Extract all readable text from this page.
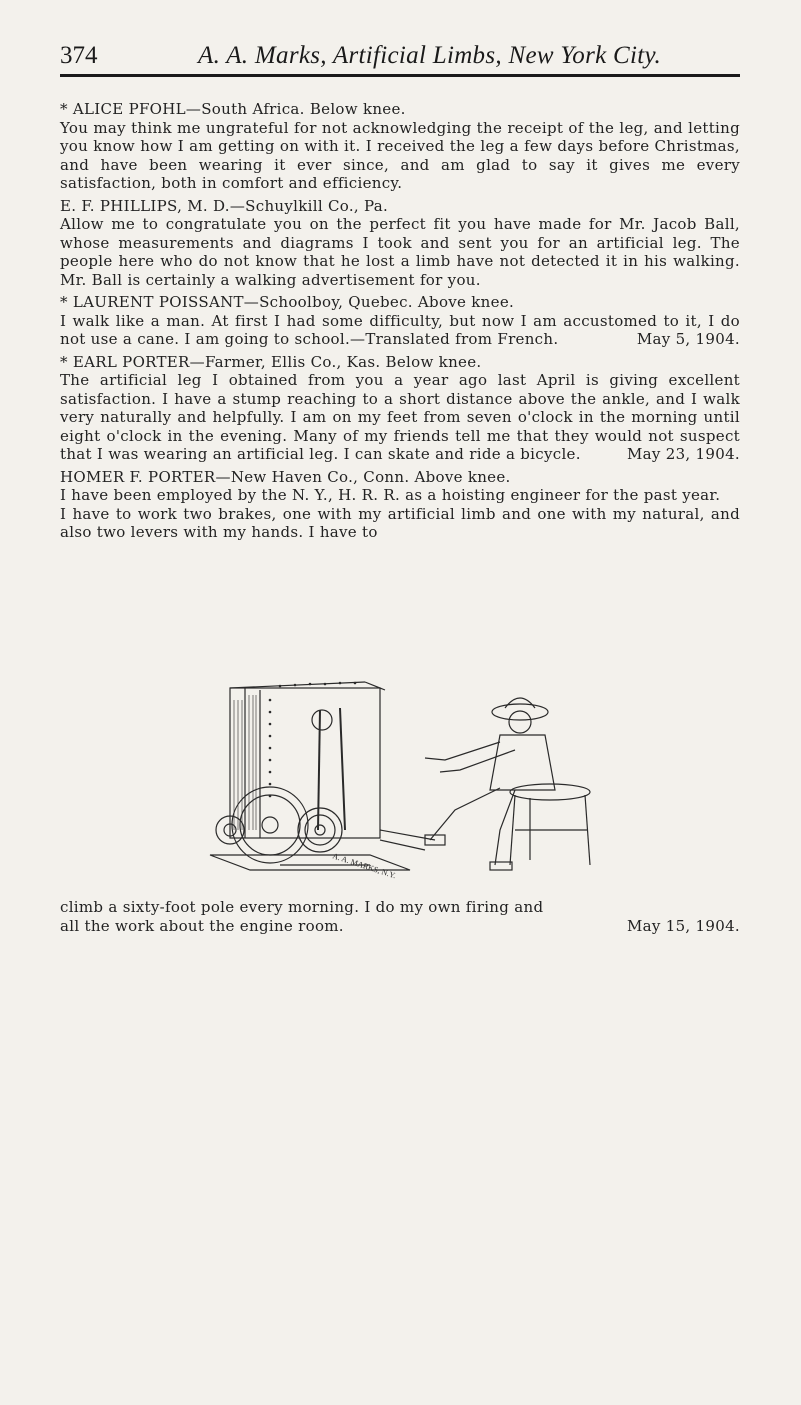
374	A. A. Marks, Artificial Limbs, New York City.

* ALICE PFOHL—South Africa. Below knee.

You may think me ungrateful for not acknowledging the receipt of the leg, and letting you know how I am getting on with it. I received the leg a few days before Christmas, and have been wearing it ever since, and am glad to say it gives me every satisfaction, both in comfort and efficiency.

E. F. PHILLIPS, M. D.—Schuylkill Co., Pa.

Allow me to congratulate you on the perfect fit you have made for Mr. Jacob Ball, whose measurements and diagrams I took and sent you for an artificial leg. The people here who do not know that he lost a limb have not detected it in his walking. Mr. Ball is certainly a walking advertisement for you.

* LAURENT POISSANT—Schoolboy, Quebec. Above knee.

I walk like a man. At first I had some difficulty, but now I am accustomed to it, I do not use a cane. I am going to school.—Translated from French.	May 5, 1904.

* EARL PORTER—Farmer, Ellis Co., Kas. Below knee.

The artificial leg I obtained from you a year ago last April is giving excellent satisfaction. I have a stump reaching to a short distance above the ankle, and I walk very naturally and helpfully. I am on my feet from seven o'clock in the morning until eight o'clock in the evening. Many of my friends tell me that they would not suspect that I was wearing an artificial leg. I can skate and ride a bicycle.	May 23, 1904.

HOMER F. PORTER—New Haven Co., Conn. Above knee.

I have been employed by the N. Y., H. R. R. as a hoisting engineer for the past year.

I have to work two brakes, one with my artificial limb and one with my natural, and also two levers with my hands. I have to

A. A. MARKS, N.Y.
climb a sixty-foot pole every morning. I do my own firing and
all the work about the engine room.	May 15, 1904.
